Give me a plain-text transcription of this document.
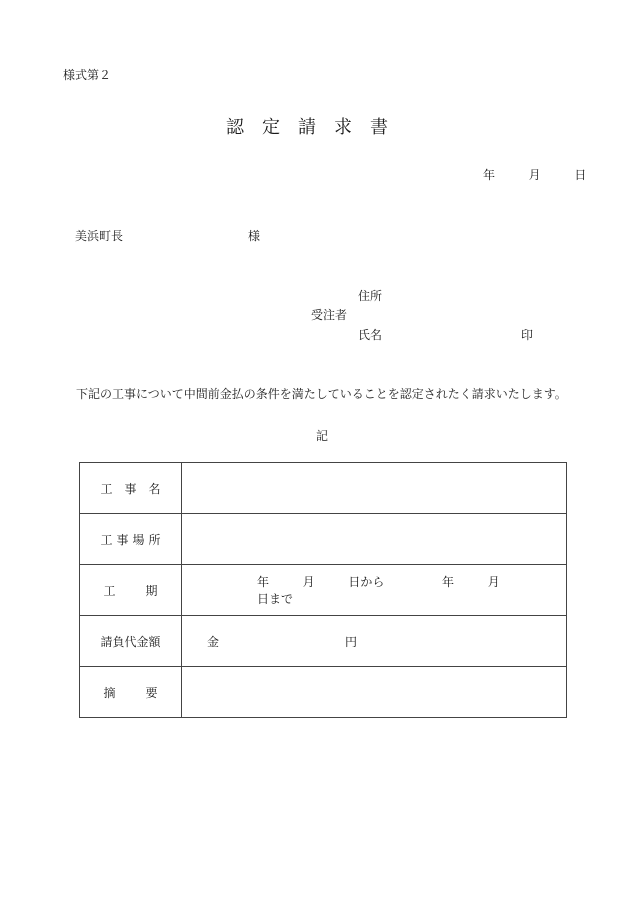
様式第２
認定請求書
年	月	日
美浜町長	様
住所
受注者
氏名	印
下記の工事について中間前金払の条件を満たしていることを認定されたく請求いたします。
記
工事名	
工事場所	
工期	年 月 日から 年 月  日まで
請負代金額	金 円

摘要	
